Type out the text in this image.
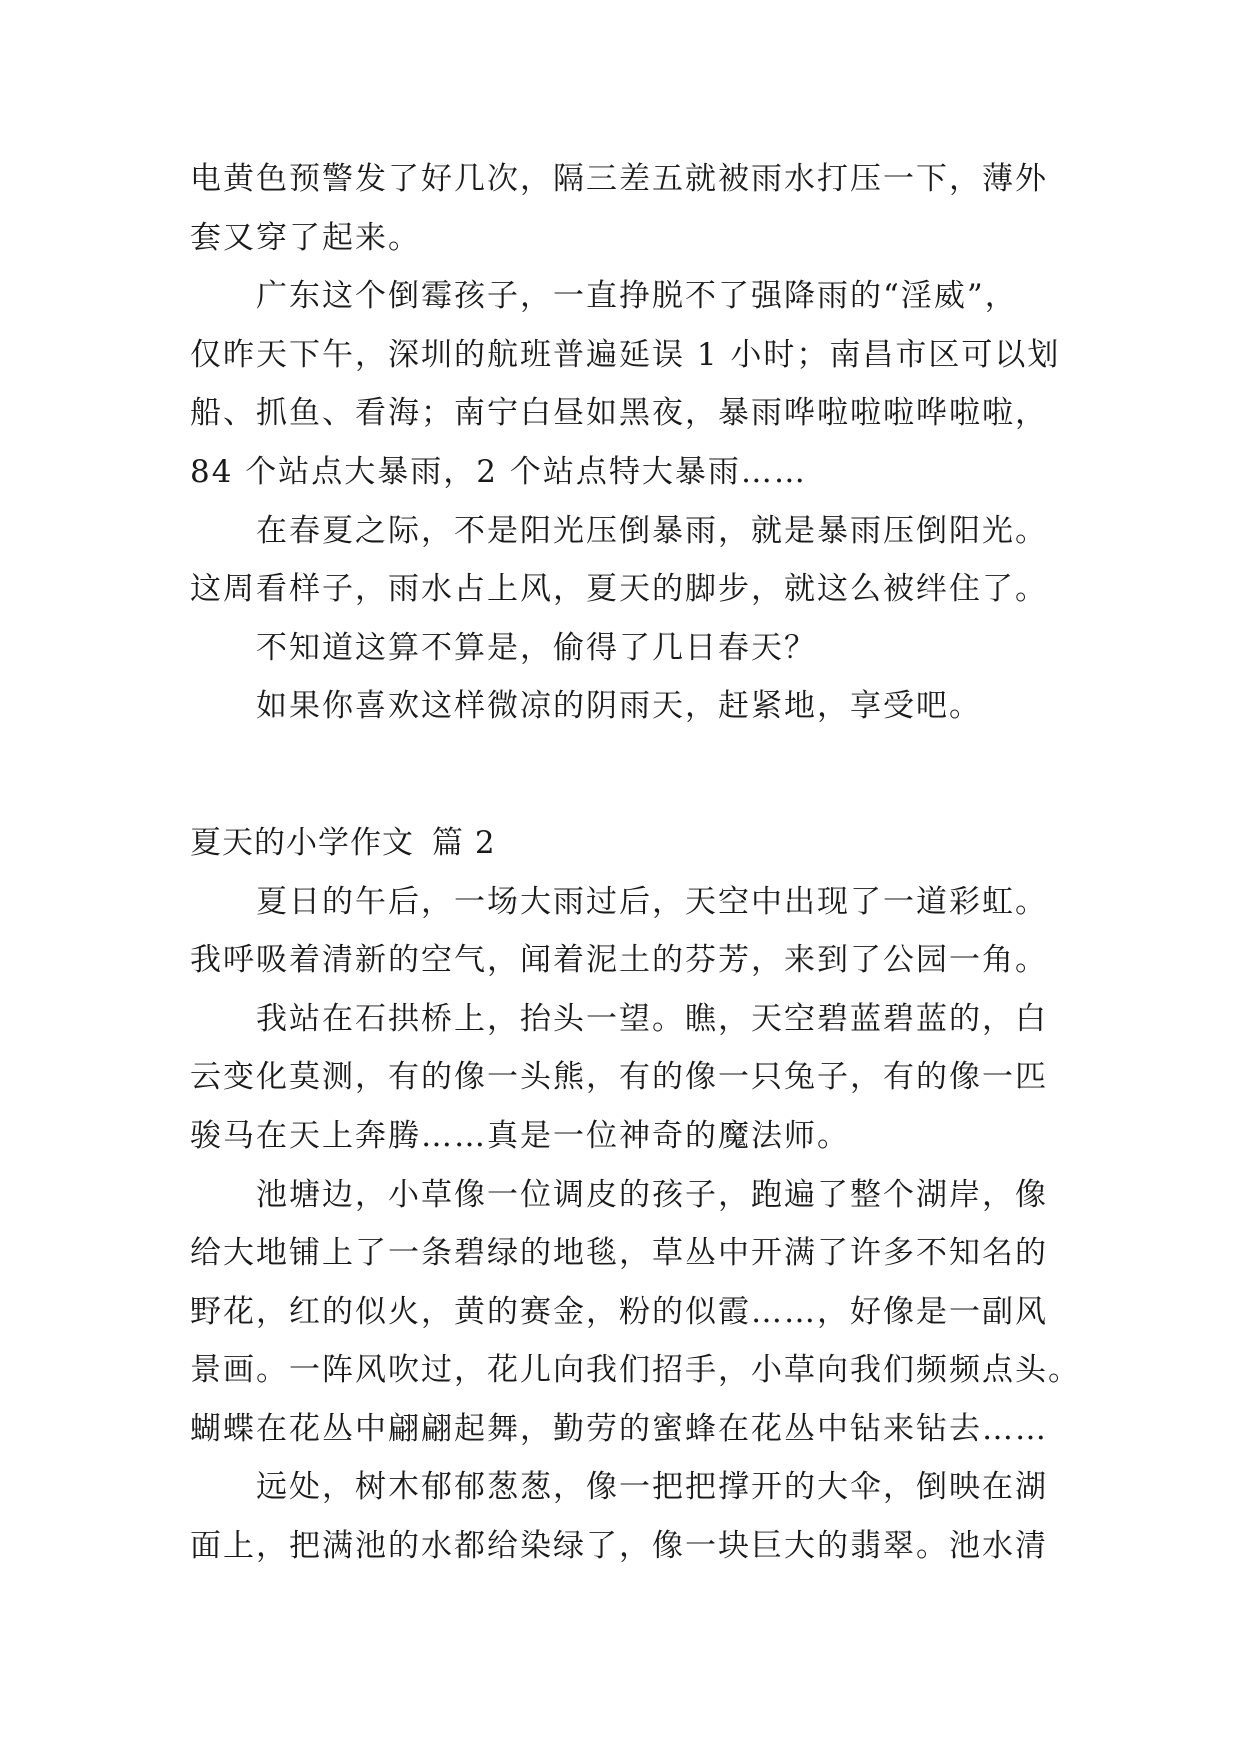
电黄色预警发了好几次，隔三差五就被雨水打压一下，薄外
套又穿了起来。
广东这个倒霉孩子，一直挣脱不了强降雨的“淫威”，
仅昨天下午，深圳的航班普遍延误 1 小时；南昌市区可以划
船、抓鱼、看海；南宁白昼如黑夜，暴雨哗啦啦啦哗啦啦，
84 个站点大暴雨，2 个站点特大暴雨……
在春夏之际，不是阳光压倒暴雨，就是暴雨压倒阳光。
这周看样子，雨水占上风，夏天的脚步，就这么被绊住了。
不知道这算不算是，偷得了几日春天？
如果你喜欢这样微凉的阴雨天，赶紧地，享受吧。
夏天的小学作文 篇 2
夏日的午后，一场大雨过后，天空中出现了一道彩虹。
我呼吸着清新的空气，闻着泥土的芬芳，来到了公园一角。
我站在石拱桥上，抬头一望。瞧，天空碧蓝碧蓝的，白
云变化莫测，有的像一头熊，有的像一只兔子，有的像一匹
骏马在天上奔腾……真是一位神奇的魔法师。
池塘边，小草像一位调皮的孩子，跑遍了整个湖岸，像
给大地铺上了一条碧绿的地毯，草丛中开满了许多不知名的
野花，红的似火，黄的赛金，粉的似霞……，好像是一副风
景画。一阵风吹过，花儿向我们招手，小草向我们频频点头。
蝴蝶在花丛中翩翩起舞，勤劳的蜜蜂在花丛中钻来钻去……
远处，树木郁郁葱葱，像一把把撑开的大伞，倒映在湖
面上，把满池的水都给染绿了，像一块巨大的翡翠。池水清
